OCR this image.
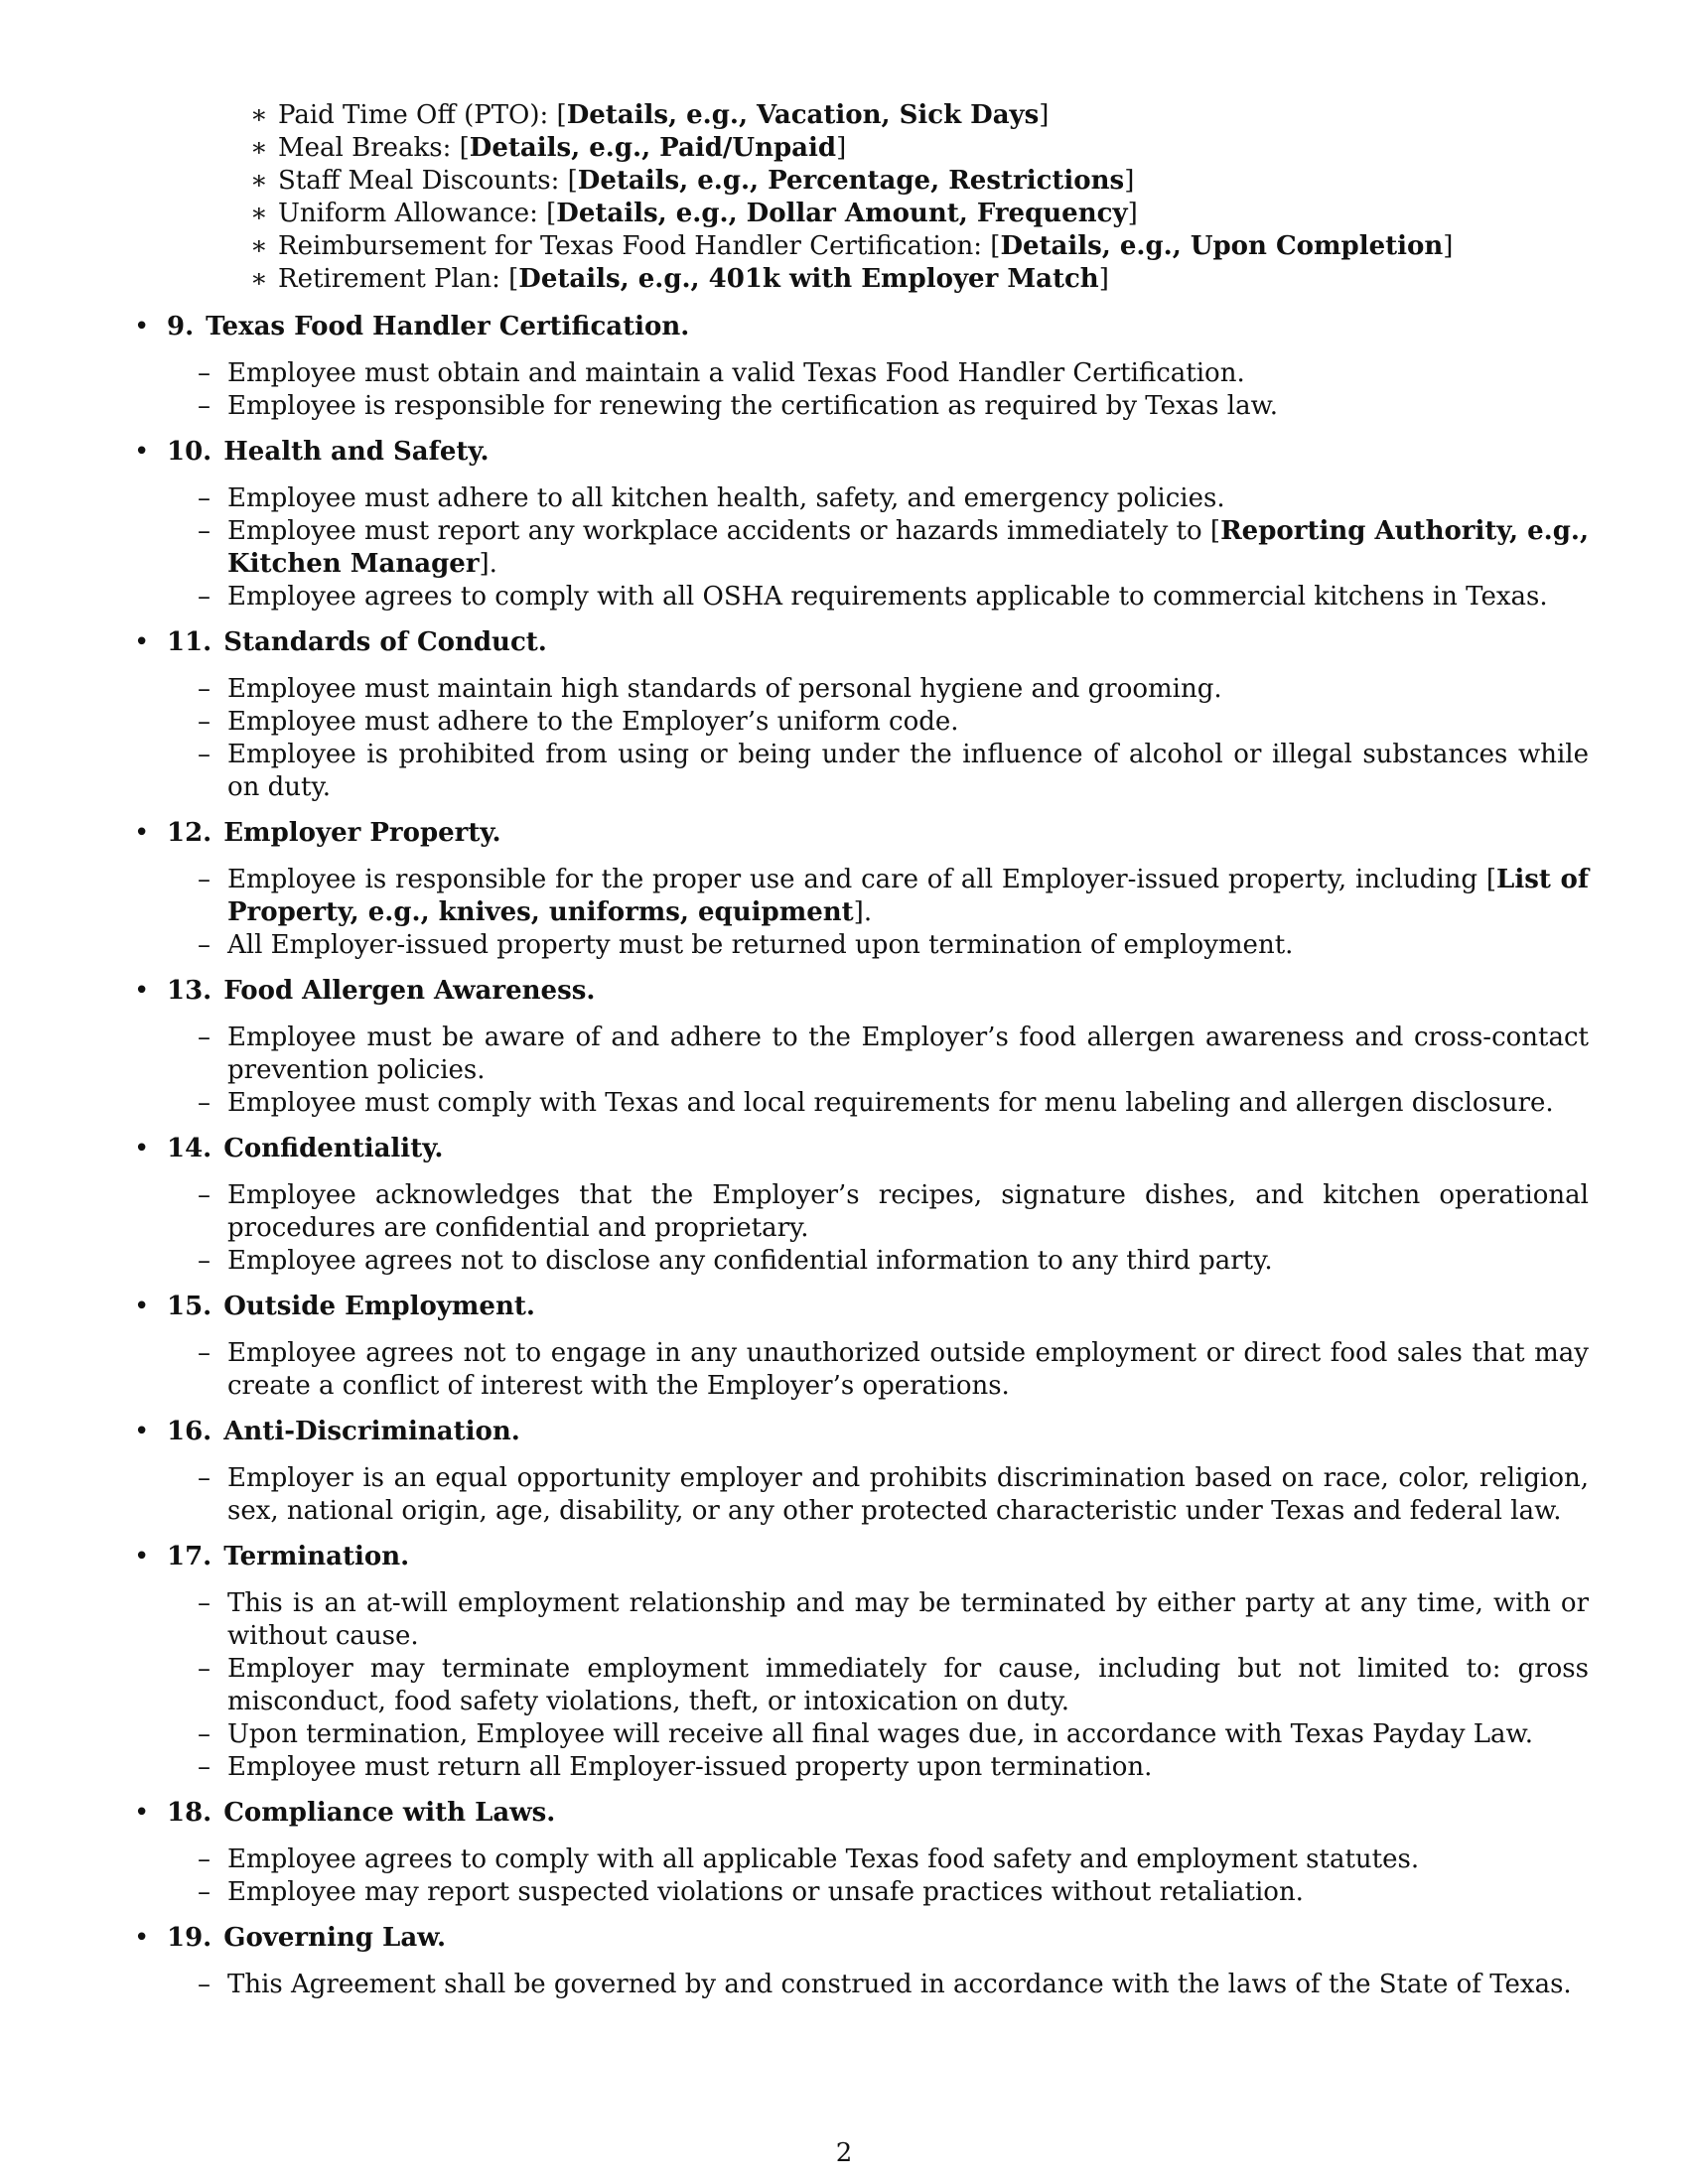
∗ Paid Time Off (PTO): [Details, e.g., Vacation, Sick Days]
∗ Meal Breaks: [Details, e.g., Paid/Unpaid]
∗ Staff Meal Discounts: [Details, e.g., Percentage, Restrictions]
∗ Uniform Allowance: [Details, e.g., Dollar Amount, Frequency]
∗ Reimbursement for Texas Food Handler Certification: [Details, e.g., Upon Completion]
∗ Retirement Plan: [Details, e.g., 401k with Employer Match]
• 9. Texas Food Handler Certification.
– Employee must obtain and maintain a valid Texas Food Handler Certification.
– Employee is responsible for renewing the certification as required by Texas law.
• 10. Health and Safety.
– Employee must adhere to all kitchen health, safety, and emergency policies.
– Employee must report any workplace accidents or hazards immediately to [Reporting Authority, e.g., Kitchen Manager].
– Employee agrees to comply with all OSHA requirements applicable to commercial kitchens in Texas.
• 11. Standards of Conduct.
– Employee must maintain high standards of personal hygiene and grooming.
– Employee must adhere to the Employer’s uniform code.
– Employee is prohibited from using or being under the influence of alcohol or illegal substances while on duty.
• 12. Employer Property.
– Employee is responsible for the proper use and care of all Employer-issued property, including [List of Property, e.g., knives, uniforms, equipment].
– All Employer-issued property must be returned upon termination of employment.
• 13. Food Allergen Awareness.
– Employee must be aware of and adhere to the Employer’s food allergen awareness and cross-contact prevention policies.
– Employee must comply with Texas and local requirements for menu labeling and allergen disclosure.
• 14. Confidentiality.
– Employee acknowledges that the Employer’s recipes, signature dishes, and kitchen operational procedures are confidential and proprietary.
– Employee agrees not to disclose any confidential information to any third party.
• 15. Outside Employment.
– Employee agrees not to engage in any unauthorized outside employment or direct food sales that may create a conflict of interest with the Employer’s operations.
• 16. Anti-Discrimination.
– Employer is an equal opportunity employer and prohibits discrimination based on race, color, religion, sex, national origin, age, disability, or any other protected characteristic under Texas and federal law.
• 17. Termination.
– This is an at-will employment relationship and may be terminated by either party at any time, with or without cause.
– Employer may terminate employment immediately for cause, including but not limited to: gross misconduct, food safety violations, theft, or intoxication on duty.
– Upon termination, Employee will receive all final wages due, in accordance with Texas Payday Law.
– Employee must return all Employer-issued property upon termination.
• 18. Compliance with Laws.
– Employee agrees to comply with all applicable Texas food safety and employment statutes.
– Employee may report suspected violations or unsafe practices without retaliation.
• 19. Governing Law.
– This Agreement shall be governed by and construed in accordance with the laws of the State of Texas.
2
